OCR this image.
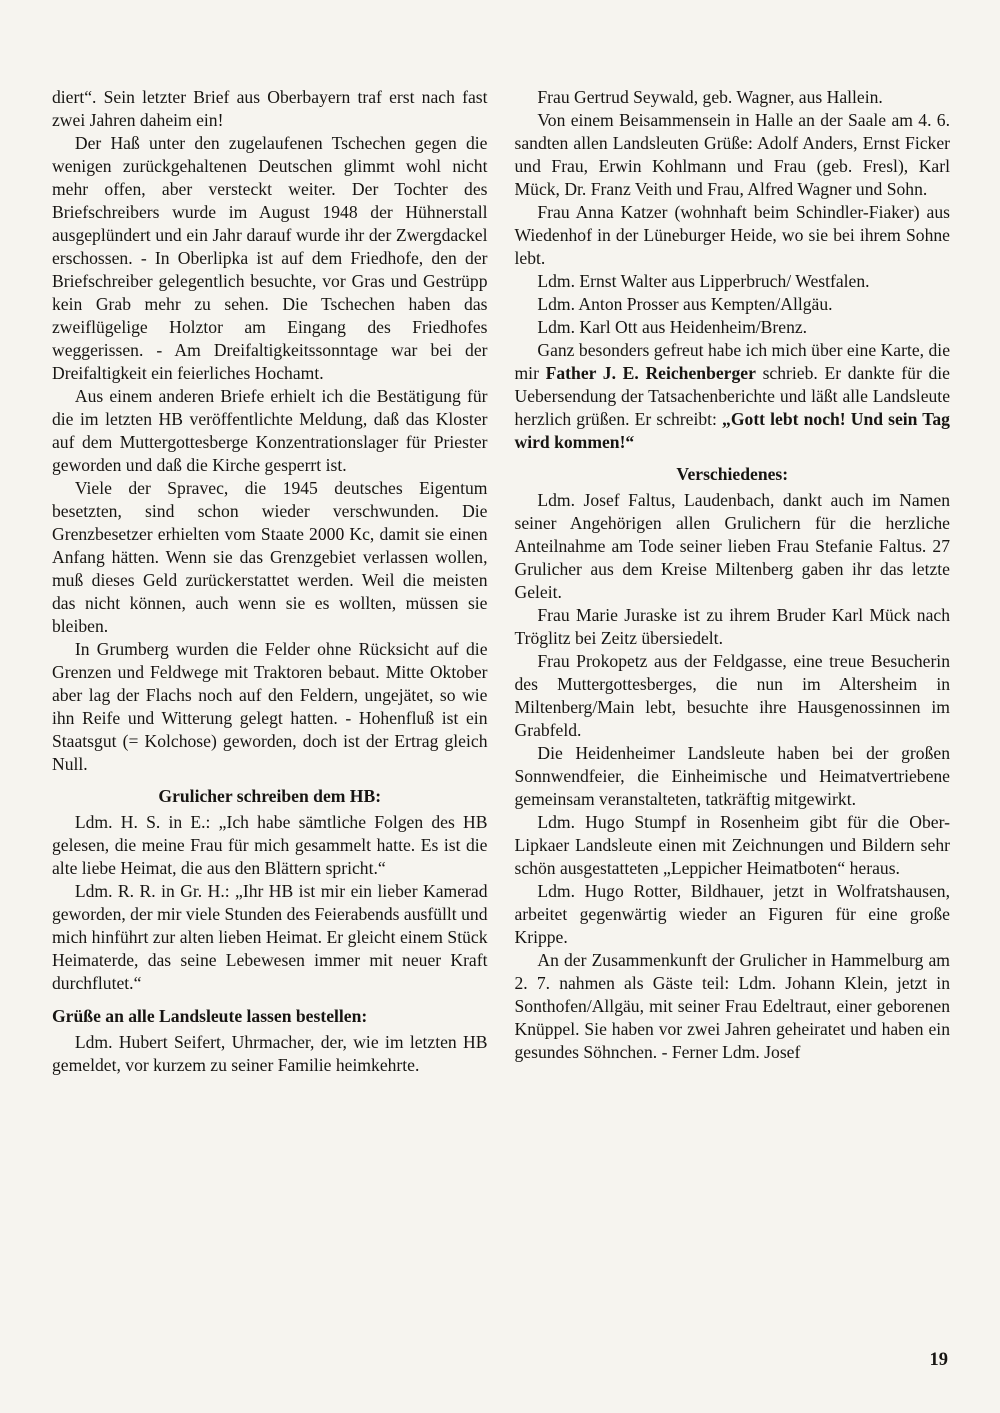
diert“. Sein letzter Brief aus Oberbayern traf erst nach fast zwei Jahren daheim ein!

Der Haß unter den zugelaufenen Tschechen gegen die wenigen zurückgehaltenen Deutschen glimmt wohl nicht mehr offen, aber versteckt weiter. Der Tochter des Briefschreibers wurde im August 1948 der Hühnerstall ausgeplündert und ein Jahr darauf wurde ihr der Zwergdackel erschossen. - In Oberlipka ist auf dem Friedhofe, den der Briefschreiber gelegentlich besuchte, vor Gras und Gestrüpp kein Grab mehr zu sehen. Die Tschechen haben das zweiflügelige Holztor am Eingang des Friedhofes weggerissen. - Am Dreifaltigkeitssonntage war bei der Dreifaltigkeit ein feierliches Hochamt.

Aus einem anderen Briefe erhielt ich die Bestätigung für die im letzten HB veröffentlichte Meldung, daß das Kloster auf dem Muttergottesberge Konzentrationslager für Priester geworden und daß die Kirche gesperrt ist.

Viele der Spravec, die 1945 deutsches Eigentum besetzten, sind schon wieder verschwunden. Die Grenzbesetzer erhielten vom Staate 2000 Kc, damit sie einen Anfang hätten. Wenn sie das Grenzgebiet verlassen wollen, muß dieses Geld zurückerstattet werden. Weil die meisten das nicht können, auch wenn sie es wollten, müssen sie bleiben.

In Grumberg wurden die Felder ohne Rücksicht auf die Grenzen und Feldwege mit Traktoren bebaut. Mitte Oktober aber lag der Flachs noch auf den Feldern, ungejätet, so wie ihn Reife und Witterung gelegt hatten. - Hohenfluß ist ein Staatsgut (= Kolchose) geworden, doch ist der Ertrag gleich Null.

Grulicher schreiben dem HB:

Ldm. H. S. in E.: „Ich habe sämtliche Folgen des HB gelesen, die meine Frau für mich gesammelt hatte. Es ist die alte liebe Heimat, die aus den Blättern spricht.“

Ldm. R. R. in Gr. H.: „Ihr HB ist mir ein lieber Kamerad geworden, der mir viele Stunden des Feierabends ausfüllt und mich hinführt zur alten lieben Heimat. Er gleicht einem Stück Heimaterde, das seine Lebewesen immer mit neuer Kraft durchflutet.“

Grüße an alle Landsleute lassen bestellen:

Ldm. Hubert Seifert, Uhrmacher, der, wie im letzten HB gemeldet, vor kurzem zu seiner Familie heimkehrte.

Frau Gertrud Seywald, geb. Wagner, aus Hallein.

Von einem Beisammensein in Halle an der Saale am 4. 6. sandten allen Landsleuten Grüße: Adolf Anders, Ernst Ficker und Frau, Erwin Kohlmann und Frau (geb. Fresl), Karl Mück, Dr. Franz Veith und Frau, Alfred Wagner und Sohn.

Frau Anna Katzer (wohnhaft beim Schindler-Fiaker) aus Wiedenhof in der Lüneburger Heide, wo sie bei ihrem Sohne lebt.

Ldm. Ernst Walter aus Lipperbruch/ Westfalen.

Ldm. Anton Prosser aus Kempten/Allgäu.

Ldm. Karl Ott aus Heidenheim/Brenz.

Ganz besonders gefreut habe ich mich über eine Karte, die mir Father J. E. Reichenberger schrieb. Er dankte für die Uebersendung der Tatsachenberichte und läßt alle Landsleute herzlich grüßen. Er schreibt: „Gott lebt noch! Und sein Tag wird kommen!“

Verschiedenes:

Ldm. Josef Faltus, Laudenbach, dankt auch im Namen seiner Angehörigen allen Grulichern für die herzliche Anteilnahme am Tode seiner lieben Frau Stefanie Faltus. 27 Grulicher aus dem Kreise Miltenberg gaben ihr das letzte Geleit.

Frau Marie Juraske ist zu ihrem Bruder Karl Mück nach Tröglitz bei Zeitz übersiedelt.

Frau Prokopetz aus der Feldgasse, eine treue Besucherin des Muttergottesberges, die nun im Altersheim in Miltenberg/Main lebt, besuchte ihre Hausgenossinnen im Grabfeld.

Die Heidenheimer Landsleute haben bei der großen Sonnwendfeier, die Einheimische und Heimatvertriebene gemeinsam veranstalteten, tatkräftig mitgewirkt.

Ldm. Hugo Stumpf in Rosenheim gibt für die Ober-Lipkaer Landsleute einen mit Zeichnungen und Bildern sehr schön ausgestatteten „Leppicher Heimatboten“ heraus.

Ldm. Hugo Rotter, Bildhauer, jetzt in Wolfratshausen, arbeitet gegenwärtig wieder an Figuren für eine große Krippe.

An der Zusammenkunft der Grulicher in Hammelburg am 2. 7. nahmen als Gäste teil: Ldm. Johann Klein, jetzt in Sonthofen/Allgäu, mit seiner Frau Edeltraut, einer geborenen Knüppel. Sie haben vor zwei Jahren geheiratet und haben ein gesundes Söhnchen. - Ferner Ldm. Josef

19
